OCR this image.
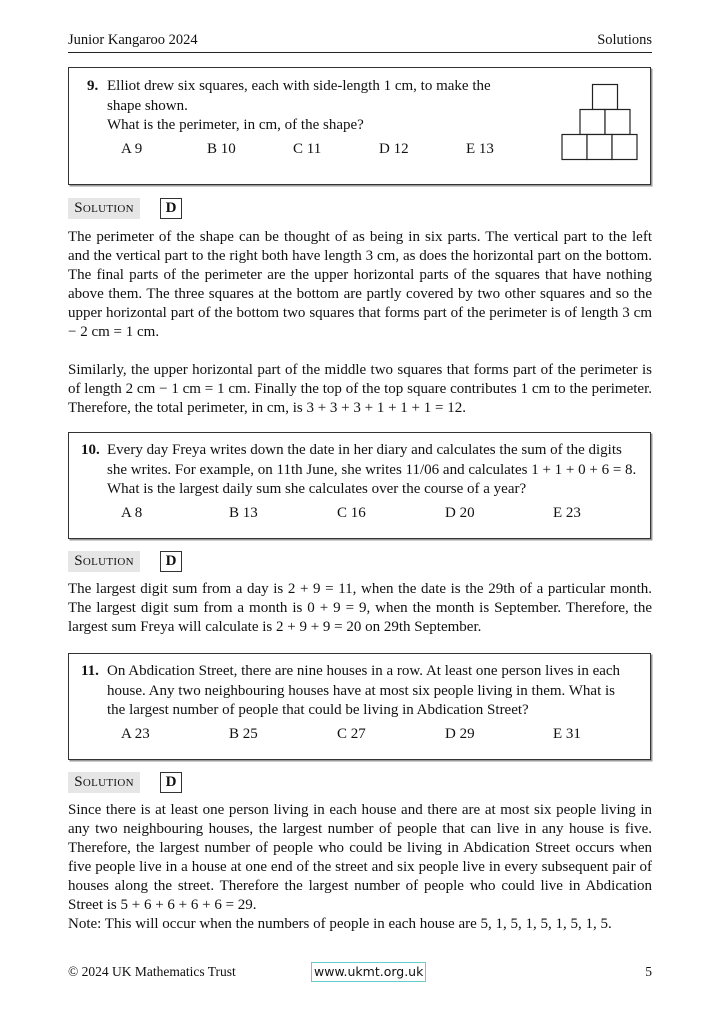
Junior Kangaroo 2024	Solutions
9. Elliot drew six squares, each with side-length 1 cm, to make the
shape shown.
What is the perimeter, in cm, of the shape?
A 9	B 10	C 11	D 12	E 13
Solution	D

The perimeter of the shape can be thought of as being in six parts. The vertical part to the left and the vertical part to the right both have length 3 cm, as does the horizontal part on the bottom. The final parts of the perimeter are the upper horizontal parts of the squares that have nothing above them. The three squares at the bottom are partly covered by two other squares and so the upper horizontal part of the bottom two squares that forms part of the perimeter is of length 3 cm − 2 cm = 1 cm.

Similarly, the upper horizontal part of the middle two squares that forms part of the perimeter is of length 2 cm − 1 cm = 1 cm. Finally the top of the top square contributes 1 cm to the perimeter. Therefore, the total perimeter, in cm, is 3 + 3 + 3 + 1 + 1 + 1 = 12.

10. Every day Freya writes down the date in her diary and calculates the sum of the digits
she writes. For example, on 11th June, she writes 11/06 and calculates 1 + 1 + 0 + 6 = 8.
What is the largest daily sum she calculates over the course of a year?
A 8	B 13	C 16	D 20	E 23
Solution	D

The largest digit sum from a day is 2 + 9 = 11, when the date is the 29th of a particular month. The largest digit sum from a month is 0 + 9 = 9, when the month is September. Therefore, the largest sum Freya will calculate is 2 + 9 + 9 = 20 on 29th September.

11. On Abdication Street, there are nine houses in a row. At least one person lives in each
house. Any two neighbouring houses have at most six people living in them. What is
the largest number of people that could be living in Abdication Street?
A 23	B 25	C 27	D 29	E 31
Solution	D

Since there is at least one person living in each house and there are at most six people living in any two neighbouring houses, the largest number of people that can live in any house is five. Therefore, the largest number of people who could be living in Abdication Street occurs when five people live in a house at one end of the street and six people live in every subsequent pair of houses along the street. Therefore the largest number of people who could live in Abdication Street is 5 + 6 + 6 + 6 + 6 = 29.

Note: This will occur when the numbers of people in each house are 5, 1, 5, 1, 5, 1, 5, 1, 5.

© 2024 UK Mathematics Trust	www.ukmt.org.uk	5
